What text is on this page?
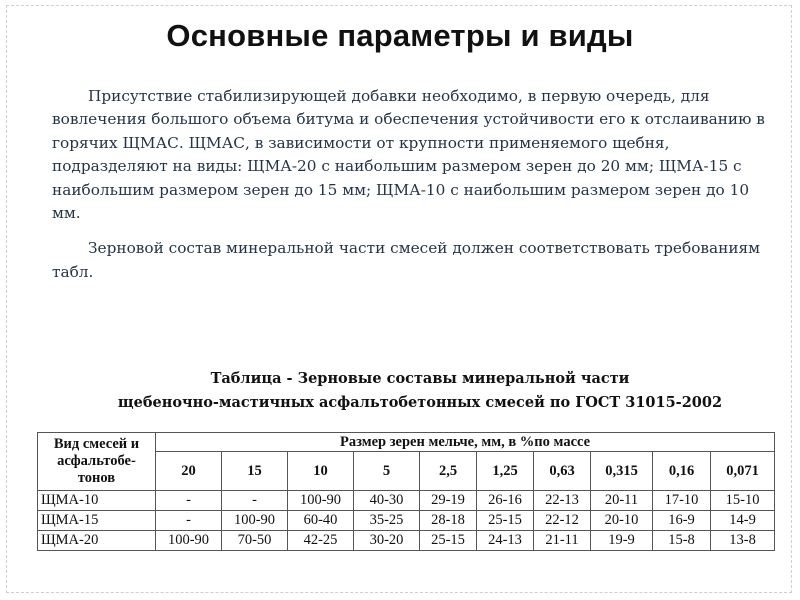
Основные параметры и виды

Присутствие стабилизирующей добавки необходимо, в первую очередь, для вовлечения большого объема битума и обеспечения устойчивости его к отслаиванию в горячих ЩМАС. ЩМАС, в зависимости от крупности применяемого щебня, подразделяют на виды: ЩМА-20 с наибольшим размером зерен до 20 мм; ЩМА-15 с наибольшим размером зерен до 15 мм; ЩМА-10 с наибольшим размером зерен до 10 мм.

Зерновой состав минеральной части смесей должен соответствовать требованиям табл.

Таблица - Зерновые составы минеральной части
щебеночно-мастичных асфальтобетонных смесей по ГОСТ 31015-2002
Вид смесей и асфальтобе-тонов	Размер зерен мельче, мм, в %по массе									
	20	15	10	5	2,5	1,25	0,63	0,315	0,16	0,071
ЩМА-10	-	-	100-90	40-30	29-19	26-16	22-13	20-11	17-10	15-10
ЩМА-15	-	100-90	60-40	35-25	28-18	25-15	22-12	20-10	16-9	14-9
ЩМА-20	100-90	70-50	42-25	30-20	25-15	24-13	21-11	19-9	15-8	13-8
